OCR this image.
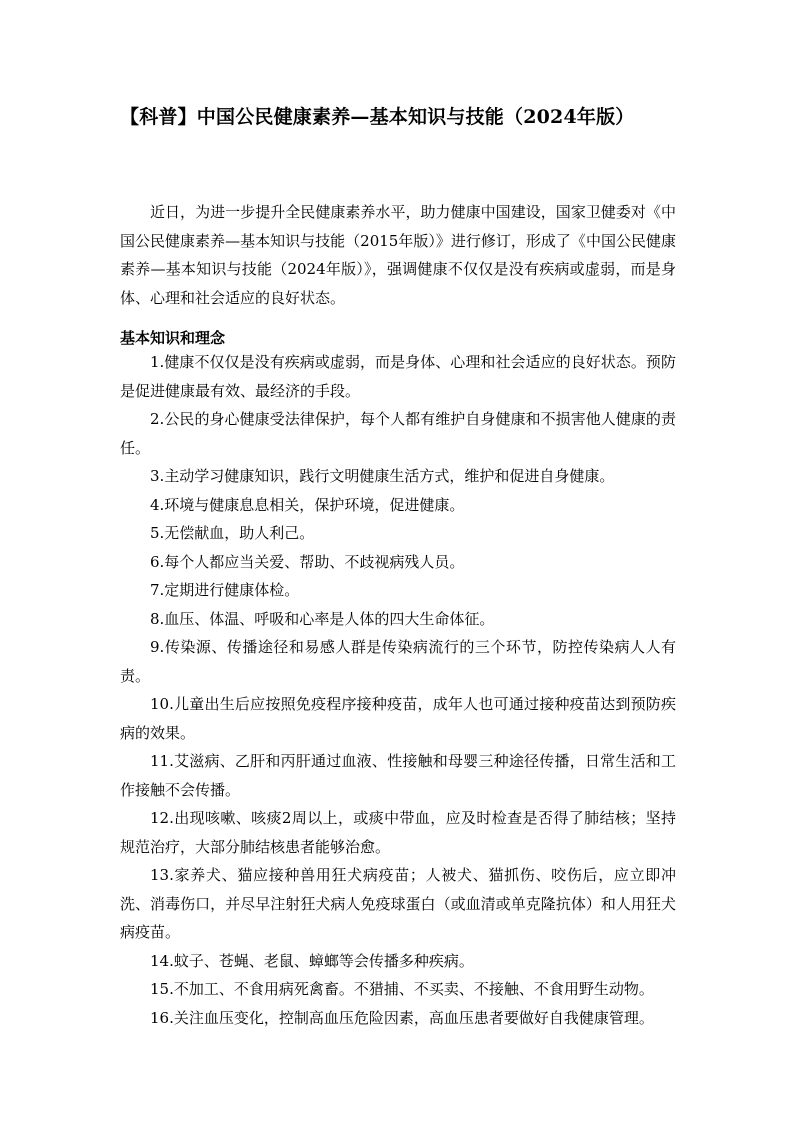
【科普】中国公民健康素养—基本知识与技能（2024年版）

近日，为进一步提升全民健康素养水平，助力健康中国建设，国家卫健委对《中国公民健康素养—基本知识与技能（2015年版）》进行修订，形成了《中国公民健康素养—基本知识与技能（2024年版）》，强调健康不仅仅是没有疾病或虚弱，而是身体、心理和社会适应的良好状态。

基本知识和理念

1.健康不仅仅是没有疾病或虚弱，而是身体、心理和社会适应的良好状态。预防是促进健康最有效、最经济的手段。
2.公民的身心健康受法律保护，每个人都有维护自身健康和不损害他人健康的责任。
3.主动学习健康知识，践行文明健康生活方式，维护和促进自身健康。
4.环境与健康息息相关，保护环境，促进健康。
5.无偿献血，助人利己。
6.每个人都应当关爱、帮助、不歧视病残人员。
7.定期进行健康体检。
8.血压、体温、呼吸和心率是人体的四大生命体征。
9.传染源、传播途径和易感人群是传染病流行的三个环节，防控传染病人人有责。
10.儿童出生后应按照免疫程序接种疫苗，成年人也可通过接种疫苗达到预防疾病的效果。
11.艾滋病、乙肝和丙肝通过血液、性接触和母婴三种途径传播，日常生活和工作接触不会传播。
12.出现咳嗽、咳痰2周以上，或痰中带血，应及时检查是否得了肺结核；坚持规范治疗，大部分肺结核患者能够治愈。
13.家养犬、猫应接种兽用狂犬病疫苗；人被犬、猫抓伤、咬伤后，应立即冲洗、消毒伤口，并尽早注射狂犬病人免疫球蛋白（或血清或单克隆抗体）和人用狂犬病疫苗。
14.蚊子、苍蝇、老鼠、蟑螂等会传播多种疾病。
15.不加工、不食用病死禽畜。不猎捕、不买卖、不接触、不食用野生动物。
16.关注血压变化，控制高血压危险因素，高血压患者要做好自我健康管理。
